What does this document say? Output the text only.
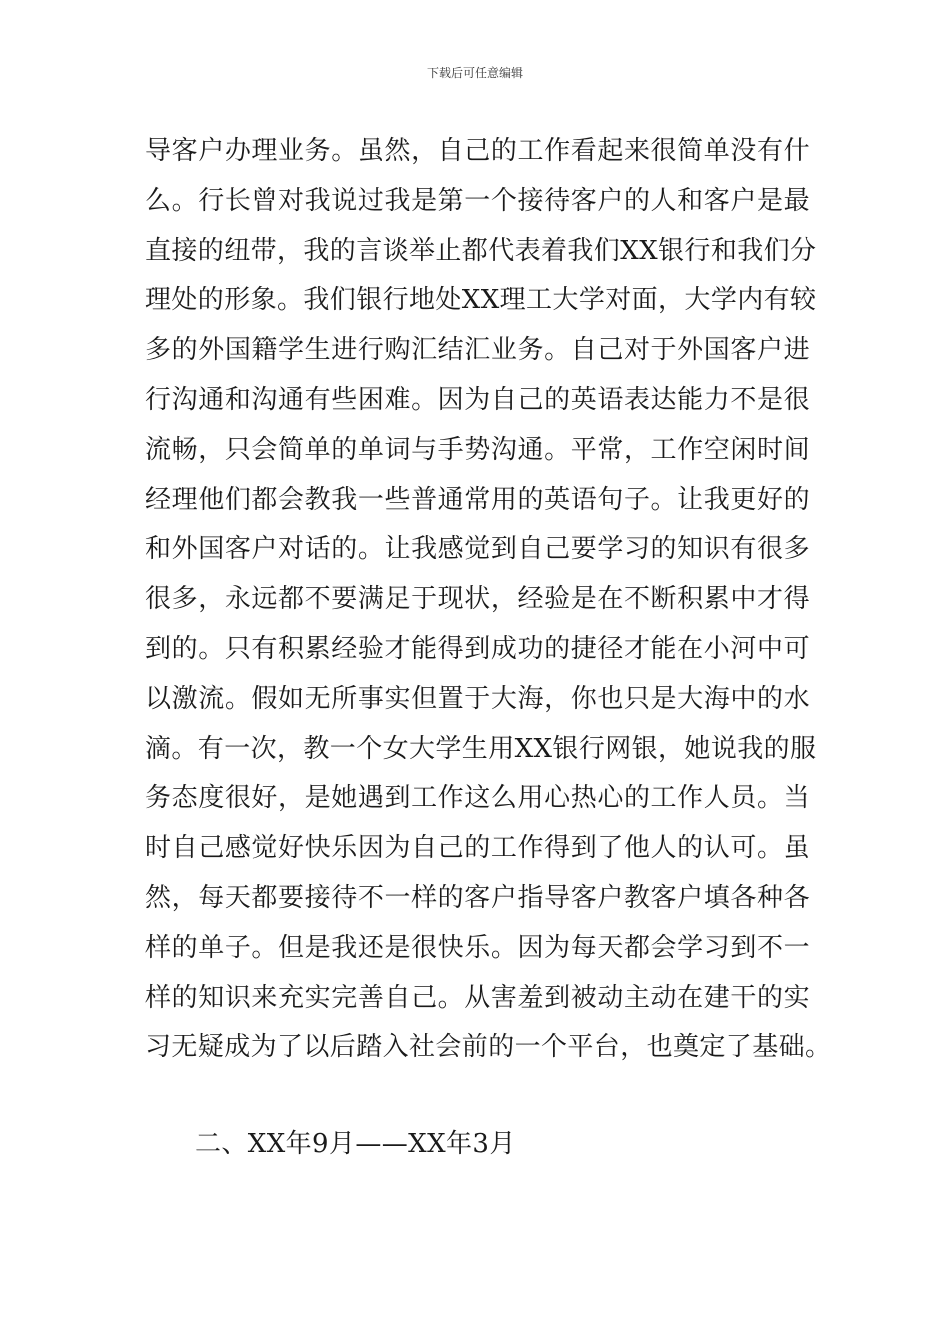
下载后可任意编辑
导客户办理业务。虽然，自己的工作看起来很简单没有什
么。行长曾对我说过我是第一个接待客户的人和客户是最
直接的纽带，我的言谈举止都代表着我们XX银行和我们分
理处的形象。我们银行地处XX理工大学对面，大学内有较
多的外国籍学生进行购汇结汇业务。自己对于外国客户进
行沟通和沟通有些困难。因为自己的英语表达能力不是很
流畅，只会简单的单词与手势沟通。平常，工作空闲时间
经理他们都会教我一些普通常用的英语句子。让我更好的
和外国客户对话的。让我感觉到自己要学习的知识有很多
很多，永远都不要满足于现状，经验是在不断积累中才得
到的。只有积累经验才能得到成功的捷径才能在小河中可
以激流。假如无所事实但置于大海，你也只是大海中的水
滴。有一次，教一个女大学生用XX银行网银，她说我的服
务态度很好，是她遇到工作这么用心热心的工作人员。当
时自己感觉好快乐因为自己的工作得到了他人的认可。虽
然，每天都要接待不一样的客户指导客户教客户填各种各
样的单子。但是我还是很快乐。因为每天都会学习到不一
样的知识来充实完善自己。从害羞到被动主动在建干的实
习无疑成为了以后踏入社会前的一个平台，也奠定了基础。
二、XX年9月——XX年3月
